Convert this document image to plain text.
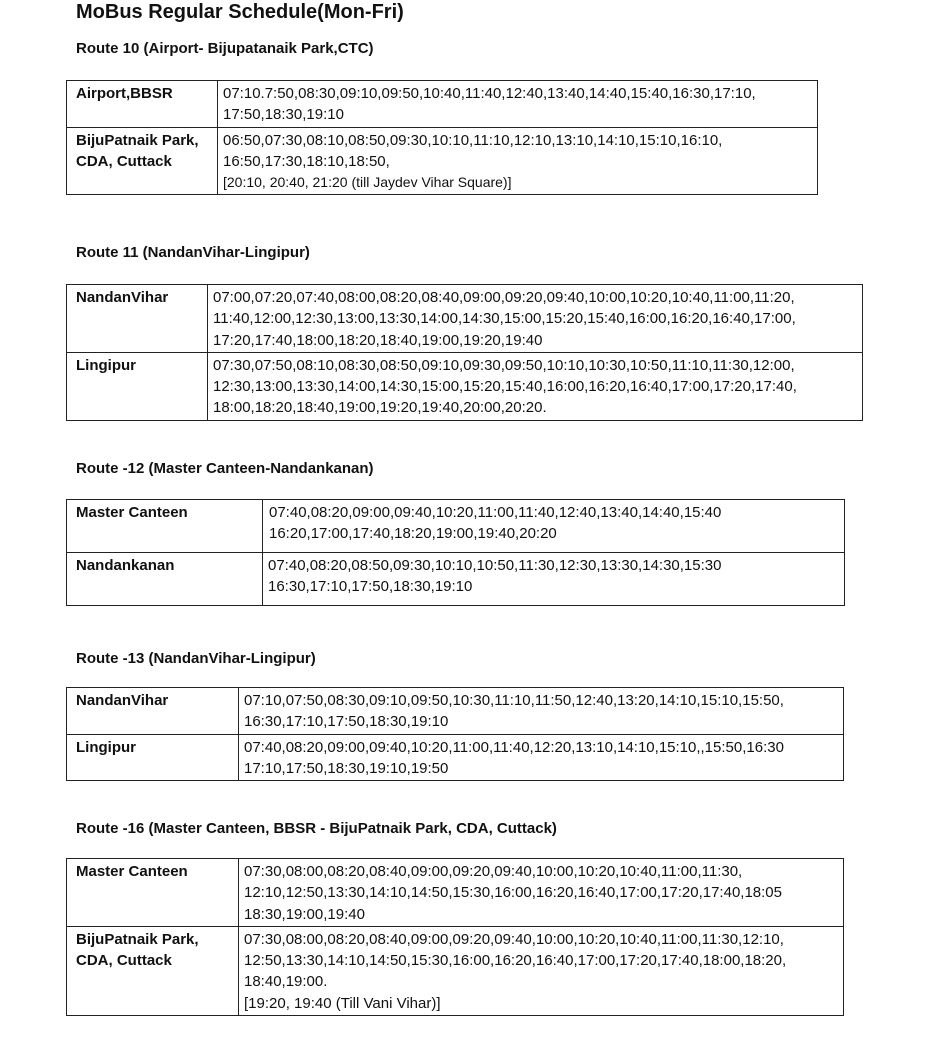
MoBus Regular Schedule(Mon-Fri)
Route 10 (Airport- Bijupatanaik Park,CTC)
Airport,BBSR	07:10.7:50,08:30,09:10,09:50,10:40,11:40,12:40,13:40,14:40,15:40,16:30,17:10,
17:50,18:30,19:10

BijuPatnaik Park,
CDA, Cuttack	06:50,07:30,08:10,08:50,09:30,10:10,11:10,12:10,13:10,14:10,15:10,16:10,
16:50,17:30,18:10,18:50,
[20:10, 20:40, 21:20 (till Jaydev Vihar Square)]
Route 11 (NandanVihar-Lingipur)
NandanVihar	07:00,07:20,07:40,08:00,08:20,08:40,09:00,09:20,09:40,10:00,10:20,10:40,11:00,11:20,
11:40,12:00,12:30,13:00,13:30,14:00,14:30,15:00,15:20,15:40,16:00,16:20,16:40,17:00,
17:20,17:40,18:00,18:20,18:40,19:00,19:20,19:40

Lingipur	07:30,07:50,08:10,08:30,08:50,09:10,09:30,09:50,10:10,10:30,10:50,11:10,11:30,12:00,
12:30,13:00,13:30,14:00,14:30,15:00,15:20,15:40,16:00,16:20,16:40,17:00,17:20,17:40,
18:00,18:20,18:40,19:00,19:20,19:40,20:00,20:20.
Route -12 (Master Canteen-Nandankanan)
Master Canteen	07:40,08:20,09:00,09:40,10:20,11:00,11:40,12:40,13:40,14:40,15:40
16:20,17:00,17:40,18:20,19:00,19:40,20:20

Nandankanan	07:40,08:20,08:50,09:30,10:10,10:50,11:30,12:30,13:30,14:30,15:30
16:30,17:10,17:50,18:30,19:10
Route -13 (NandanVihar-Lingipur)
NandanVihar	07:10,07:50,08:30,09:10,09:50,10:30,11:10,11:50,12:40,13:20,14:10,15:10,15:50,
16:30,17:10,17:50,18:30,19:10

Lingipur	07:40,08:20,09:00,09:40,10:20,11:00,11:40,12:20,13:10,14:10,15:10,,15:50,16:30
17:10,17:50,18:30,19:10,19:50
Route -16 (Master Canteen, BBSR - BijuPatnaik Park, CDA, Cuttack)
Master Canteen	07:30,08:00,08:20,08:40,09:00,09:20,09:40,10:00,10:20,10:40,11:00,11:30,
12:10,12:50,13:30,14:10,14:50,15:30,16:00,16:20,16:40,17:00,17:20,17:40,18:05
18:30,19:00,19:40

BijuPatnaik Park,
CDA, Cuttack	07:30,08:00,08:20,08:40,09:00,09:20,09:40,10:00,10:20,10:40,11:00,11:30,12:10,
12:50,13:30,14:10,14:50,15:30,16:00,16:20,16:40,17:00,17:20,17:40,18:00,18:20,
18:40,19:00.
[19:20, 19:40 (Till Vani Vihar)]
